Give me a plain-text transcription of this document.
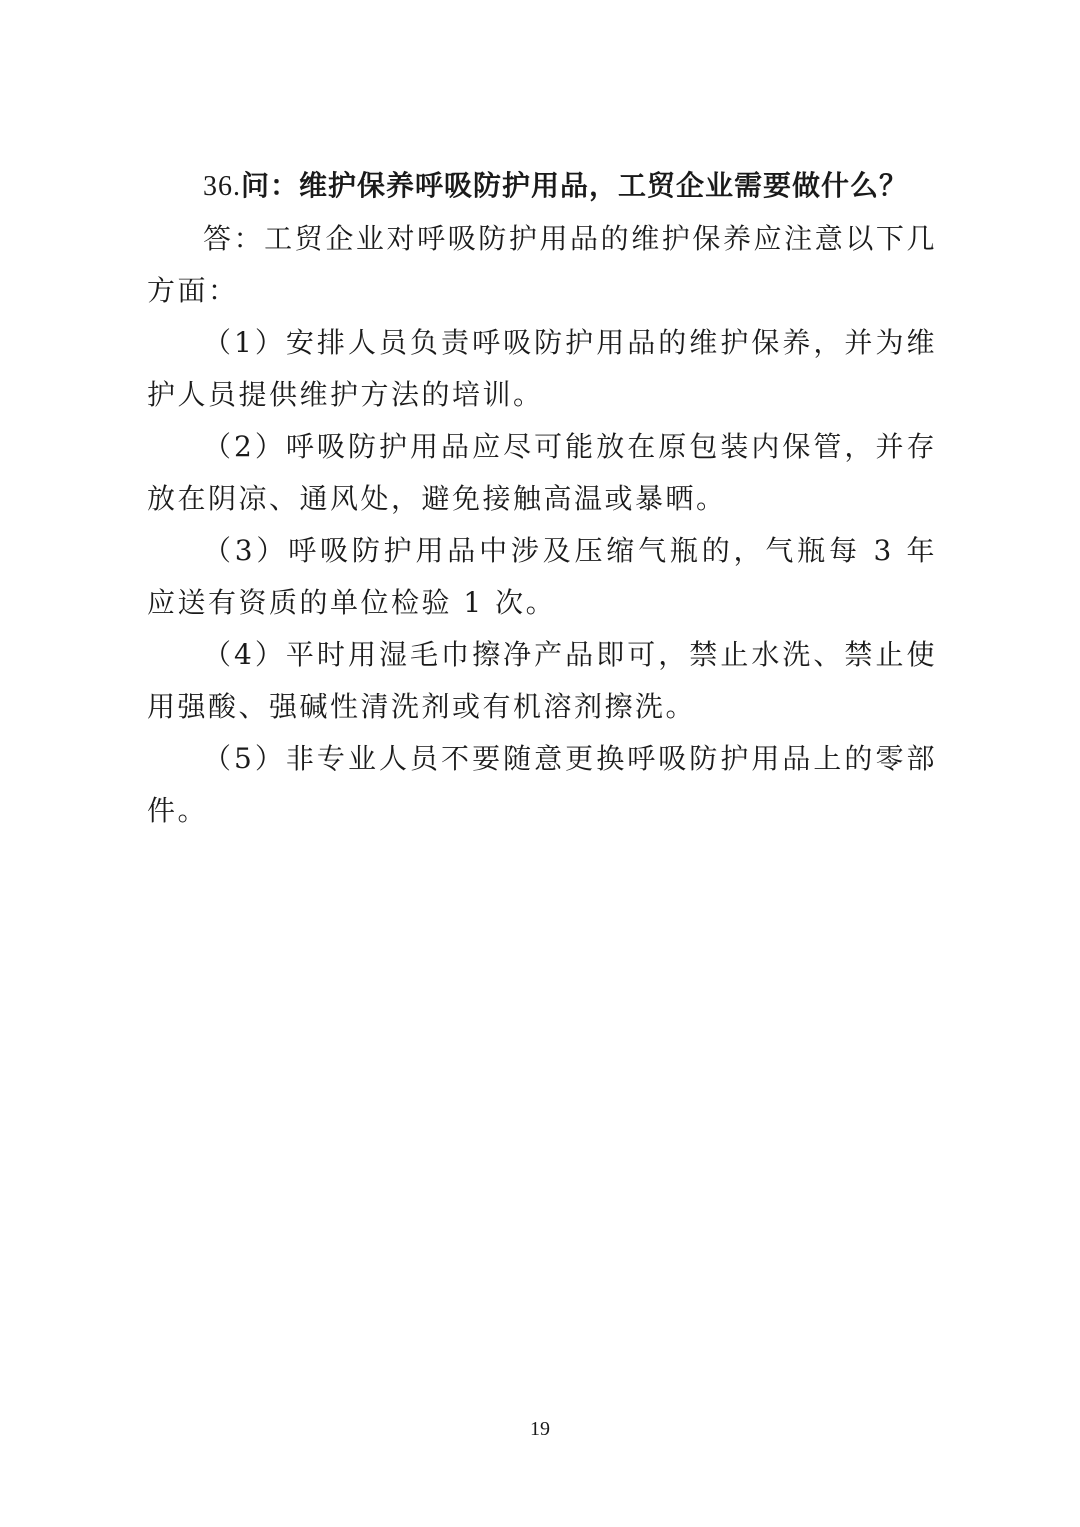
36.问：维护保养呼吸防护用品，工贸企业需要做什么？

答：工贸企业对呼吸防护用品的维护保养应注意以下几方面：

（1）安排人员负责呼吸防护用品的维护保养，并为维护人员提供维护方法的培训。

（2）呼吸防护用品应尽可能放在原包装内保管，并存放在阴凉、通风处，避免接触高温或暴晒。

（3）呼吸防护用品中涉及压缩气瓶的，气瓶每 3 年应送有资质的单位检验 1 次。

（4）平时用湿毛巾擦净产品即可，禁止水洗、禁止使用强酸、强碱性清洗剂或有机溶剂擦洗。

（5）非专业人员不要随意更换呼吸防护用品上的零部件。

19
